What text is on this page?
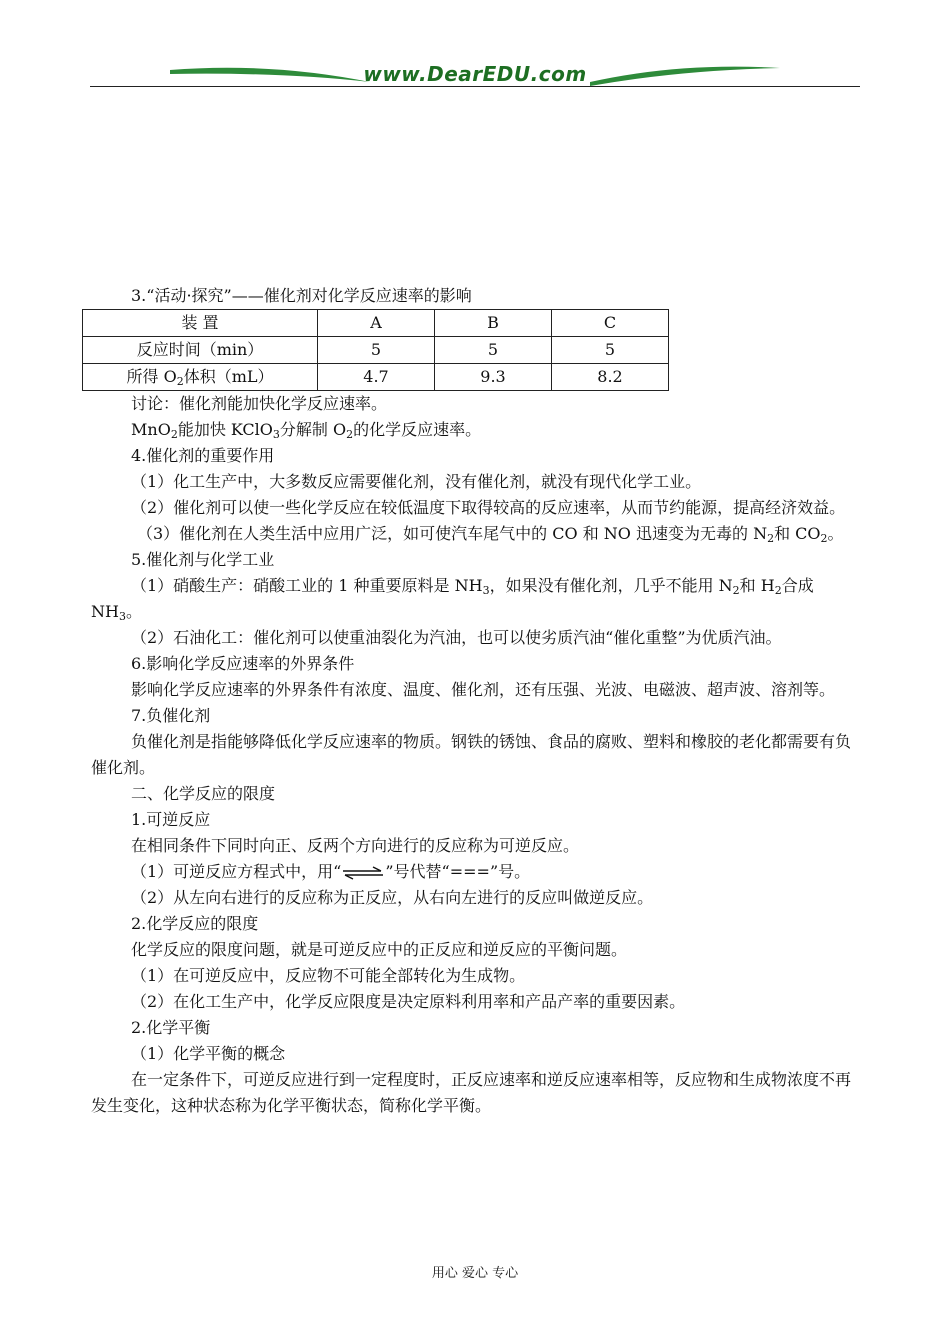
www.DearEDU.com

3.“活动·探究”——催化剂对化学反应速率的影响

装 置	A	B	C
反应时间（min）	5	5	5
所得 $O_2$体积（mL）	4.7	9.3	8.2

讨论：催化剂能加快化学反应速率。

MnO$_2$能加快 KClO$_3$分解制 $O_2$的化学反应速率。

4.催化剂的重要作用

（1）化工生产中，大多数反应需要催化剂，没有催化剂，就没有现代化学工业。

（2）催化剂可以使一些化学反应在较低温度下取得较高的反应速率，从而节约能源，提高经济效益。

（3）催化剂在人类生活中应用广泛，如可使汽车尾气中的 CO 和 NO 迅速变为无毒的 $N_2$和 $CO_2$。

5.催化剂与化学工业

（1）硝酸生产：硝酸工业的 1 种重要原料是 $NH_3$，如果没有催化剂，几乎不能用 $N_2$和 $H_2$合成 $NH_3$。

（2）石油化工：催化剂可以使重油裂化为汽油，也可以使劣质汽油“催化重整”为优质汽油。

6.影响化学反应速率的外界条件

影响化学反应速率的外界条件有浓度、温度、催化剂，还有压强、光波、电磁波、超声波、溶剂等。

7.负催化剂

负催化剂是指能够降低化学反应速率的物质。钢铁的锈蚀、食品的腐败、塑料和橡胶的老化都需要有负催化剂。

二、化学反应的限度

1.可逆反应

在相同条件下同时向正、反两个方向进行的反应称为可逆反应。

（1）可逆反应方程式中，用“⇌”号代替“===”号。

（2）从左向右进行的反应称为正反应，从右向左进行的反应叫做逆反应。

2.化学反应的限度

化学反应的限度问题，就是可逆反应中的正反应和逆反应的平衡问题。

（1）在可逆反应中，反应物不可能全部转化为生成物。

（2）在化工生产中，化学反应限度是决定原料利用率和产品产率的重要因素。

2.化学平衡

（1）化学平衡的概念

在一定条件下，可逆反应进行到一定程度时，正反应速率和逆反应速率相等，反应物和生成物浓度不再发生变化，这种状态称为化学平衡状态，简称化学平衡。

用心 爱心 专心
